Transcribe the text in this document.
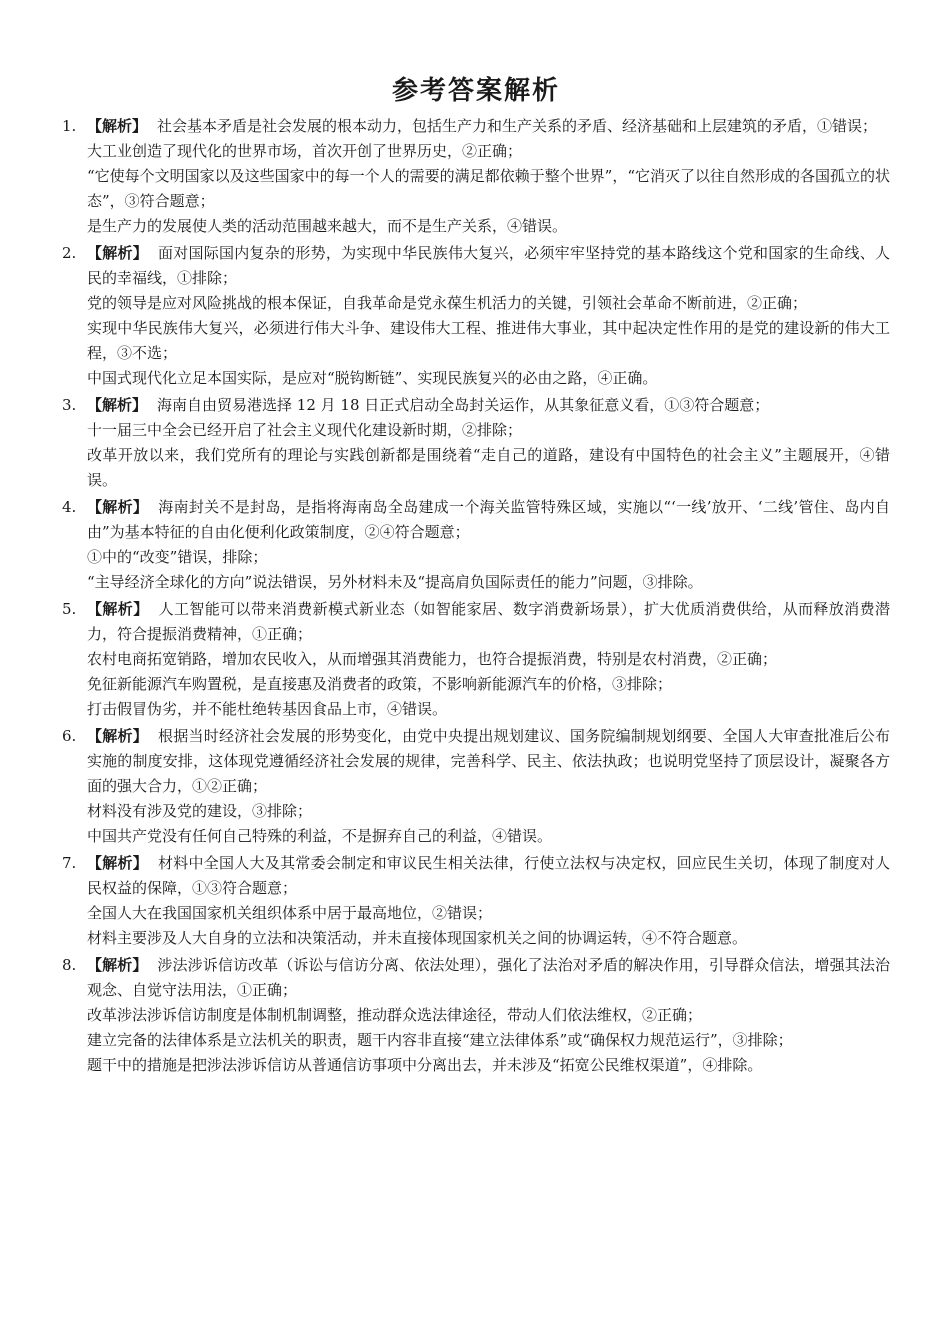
参考答案解析
1. 【解析】 社会基本矛盾是社会发展的根本动力，包括生产力和生产关系的矛盾、经济基础和上层建筑的矛盾，①错误；

大工业创造了现代化的世界市场，首次开创了世界历史，②正确；

“它使每个文明国家以及这些国家中的每一个人的需要的满足都依赖于整个世界”，“它消灭了以往自然形成的各国孤立的状态”，③符合题意；

是生产力的发展使人类的活动范围越来越大，而不是生产关系，④错误。

2. 【解析】 面对国际国内复杂的形势，为实现中华民族伟大复兴，必须牢牢坚持党的基本路线这个党和国家的生命线、人民的幸福线，①排除；

党的领导是应对风险挑战的根本保证，自我革命是党永葆生机活力的关键，引领社会革命不断前进，②正确；

实现中华民族伟大复兴，必须进行伟大斗争、建设伟大工程、推进伟大事业，其中起决定性作用的是党的建设新的伟大工程，③不选；

中国式现代化立足本国实际，是应对“脱钩断链”、实现民族复兴的必由之路，④正确。

3. 【解析】 海南自由贸易港选择 12 月 18 日正式启动全岛封关运作，从其象征意义看，①③符合题意；

十一届三中全会已经开启了社会主义现代化建设新时期，②排除；

改革开放以来，我们党所有的理论与实践创新都是围绕着“走自己的道路，建设有中国特色的社会主义”主题展开，④错误。

4. 【解析】 海南封关不是封岛，是指将海南岛全岛建成一个海关监管特殊区域，实施以“‘一线’放开、‘二线’管住、岛内自由”为基本特征的自由化便利化政策制度，②④符合题意；

①中的“改变”错误，排除；

“主导经济全球化的方向”说法错误，另外材料未及“提高肩负国际责任的能力”问题，③排除。

5. 【解析】 人工智能可以带来消费新模式新业态（如智能家居、数字消费新场景），扩大优质消费供给，从而释放消费潜力，符合提振消费精神，①正确；

农村电商拓宽销路，增加农民收入，从而增强其消费能力，也符合提振消费，特别是农村消费，②正确；

免征新能源汽车购置税，是直接惠及消费者的政策，不影响新能源汽车的价格，③排除；

打击假冒伪劣，并不能杜绝转基因食品上市，④错误。

6. 【解析】 根据当时经济社会发展的形势变化，由党中央提出规划建议、国务院编制规划纲要、全国人大审查批准后公布实施的制度安排，这体现党遵循经济社会发展的规律，完善科学、民主、依法执政；也说明党坚持了顶层设计，凝聚各方面的强大合力，①②正确；

材料没有涉及党的建设，③排除；

中国共产党没有任何自己特殊的利益，不是摒弃自己的利益，④错误。

7. 【解析】 材料中全国人大及其常委会制定和审议民生相关法律，行使立法权与决定权，回应民生关切，体现了制度对人民权益的保障，①③符合题意；

全国人大在我国国家机关组织体系中居于最高地位，②错误；

材料主要涉及人大自身的立法和决策活动，并未直接体现国家机关之间的协调运转，④不符合题意。

8. 【解析】 涉法涉诉信访改革（诉讼与信访分离、依法处理），强化了法治对矛盾的解决作用，引导群众信法，增强其法治观念、自觉守法用法，①正确；

改革涉法涉诉信访制度是体制机制调整，推动群众选法律途径，带动人们依法维权，②正确；

建立完备的法律体系是立法机关的职责，题干内容非直接“建立法律体系”或“确保权力规范运行”，③排除；

题干中的措施是把涉法涉诉信访从普通信访事项中分离出去，并未涉及“拓宽公民维权渠道”，④排除。
